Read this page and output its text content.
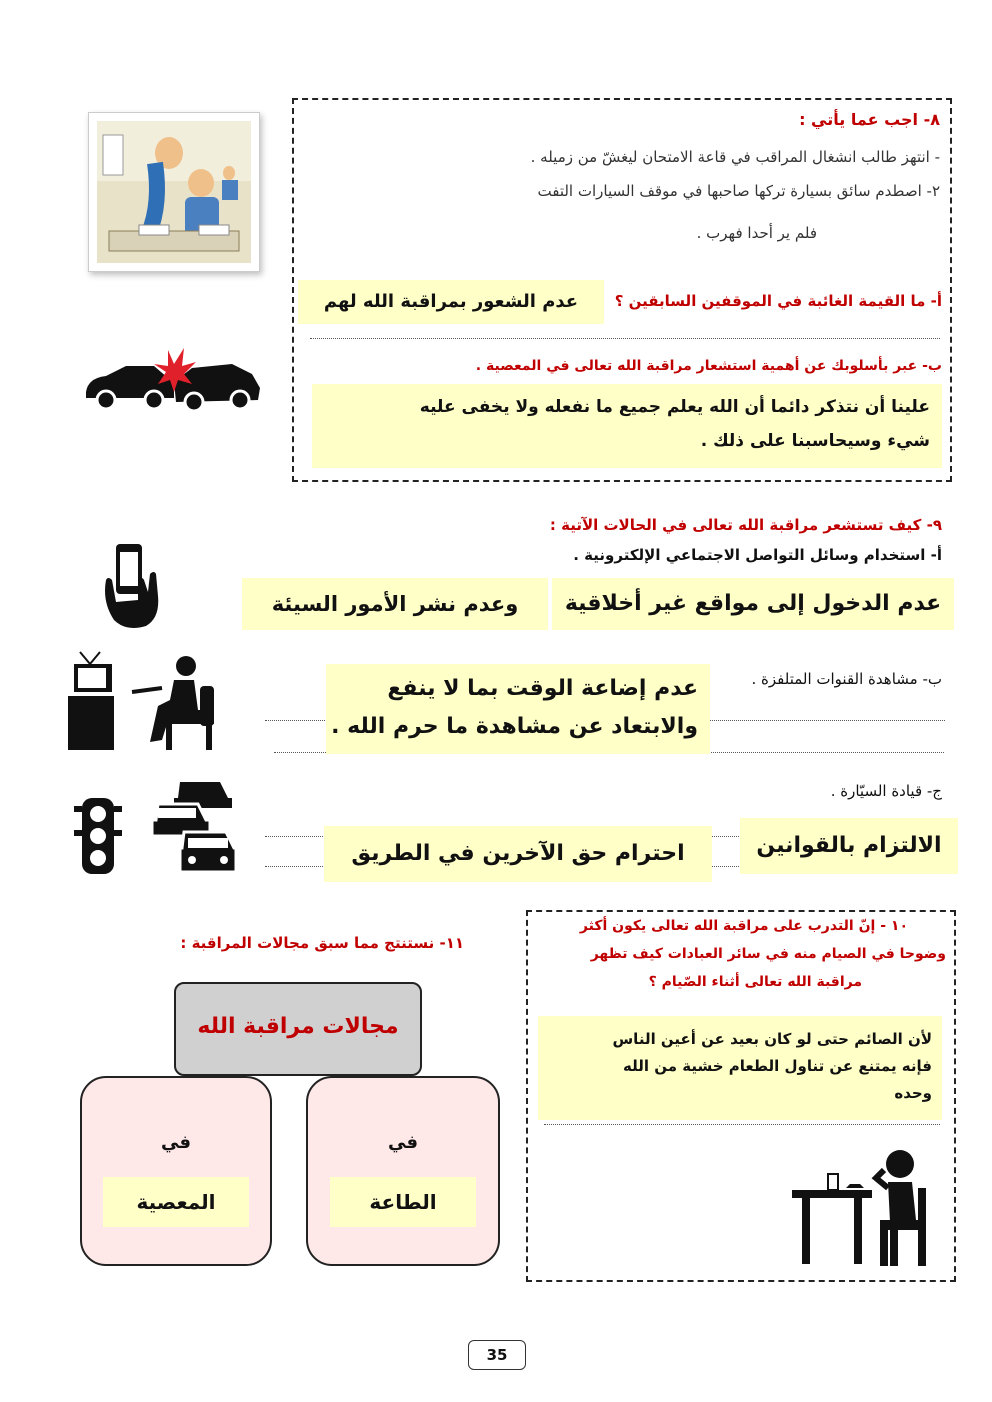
٨- اجب عما يأتي :
- انتهز طالب انشغال المراقب في قاعة الامتحان ليغشّ من زميله .
٢- اصطدم سائق بسيارة تركها صاحبها في موقف السيارات التفت
فلم ير أحدا فهرب .
أ- ما القيمة الغائبة في الموقفين السابقين ؟
عدم الشعور بمراقبة الله لهم
ب- عبر بأسلوبك عن أهمية استشعار مراقبة الله تعالى في المعصية .
علينا أن نتذكر دائما أن الله يعلم جميع ما نفعله ولا يخفى عليه
شيء وسيحاسبنا على ذلك .
٩- كيف تستشعر مراقبة الله تعالى في الحالات الآتية :
أ- استخدام وسائل التواصل الاجتماعي الإلكترونية .
عدم الدخول إلى مواقع غير أخلاقية
وعدم نشر الأمور السيئة
ب- مشاهدة القنوات المتلفزة .
عدم إضاعة الوقت بما لا ينفع
والابتعاد عن مشاهدة ما حرم الله .
ج- قيادة السيّارة .
الالتزام بالقوانين
احترام حق الآخرين في الطريق
١٠ - إنّ التدرب على مراقبة الله تعالى يكون أكثر
وضوحا في الصيام منه في سائر العبادات كيف تظهر
مراقبة الله تعالى أثناء الصّيام ؟
لأن الصائم حتى لو كان بعيد عن أعين الناس
فإنه يمتنع عن تناول الطعام خشية من الله
وحده
١١- نستنتج مما سبق مجالات المراقبة :
مجالات مراقبة الله
في
المعصية
في
الطاعة
35
